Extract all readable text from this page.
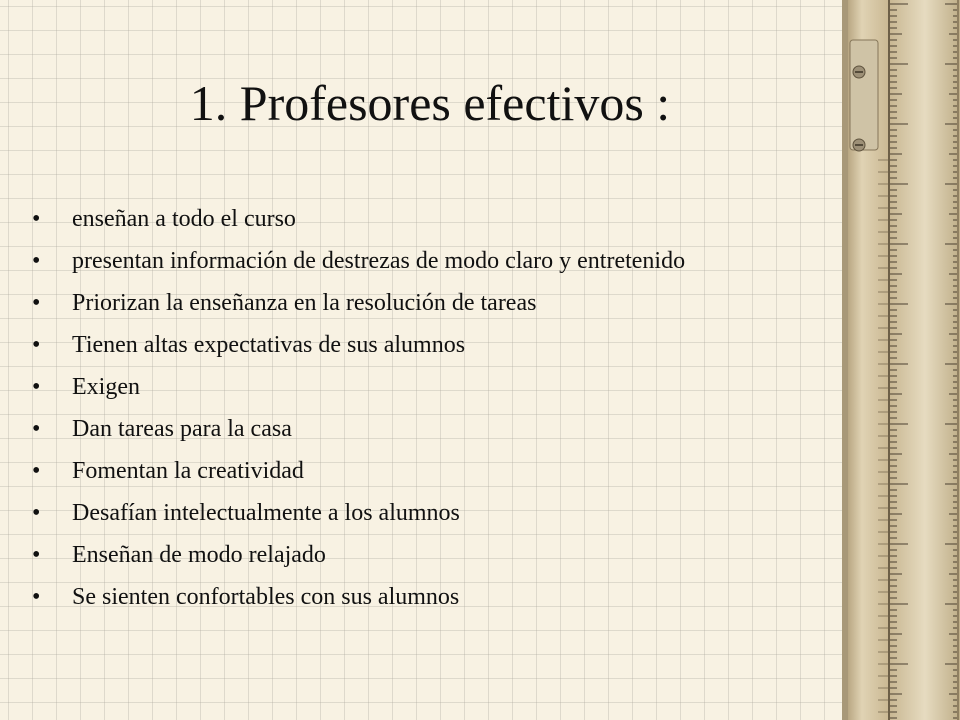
1. Profesores efectivos :
• enseñan a todo el curso
• presentan información de destrezas de modo claro y entretenido
• Priorizan la enseñanza en la resolución de tareas
• Tienen altas expectativas de sus alumnos
• Exigen
• Dan tareas para la casa
• Fomentan la creatividad
• Desafían intelectualmente a los alumnos
• Enseñan de modo relajado
• Se sienten confortables con sus alumnos
